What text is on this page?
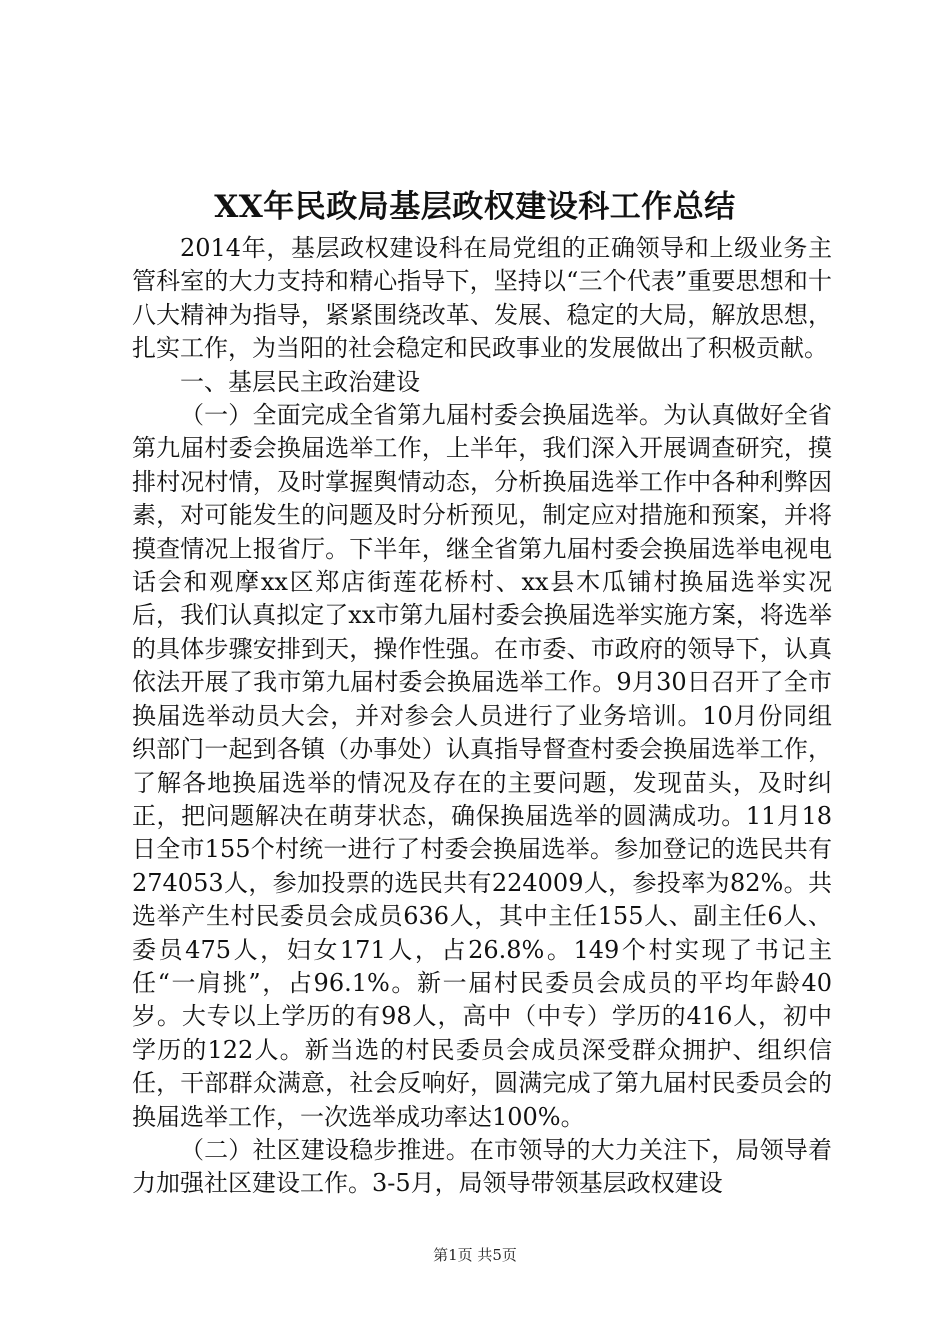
XX年民政局基层政权建设科工作总结

2014年，基层政权建设科在局党组的正确领导和上级业务主管科室的大力支持和精心指导下，坚持以“三个代表”重要思想和十八大精神为指导，紧紧围绕改革、发展、稳定的大局，解放思想，扎实工作，为当阳的社会稳定和民政事业的发展做出了积极贡献。

一、基层民主政治建设

（一）全面完成全省第九届村委会换届选举。为认真做好全省第九届村委会换届选举工作，上半年，我们深入开展调查研究，摸排村况村情，及时掌握舆情动态，分析换届选举工作中各种利弊因素，对可能发生的问题及时分析预见，制定应对措施和预案，并将摸查情况上报省厅。下半年，继全省第九届村委会换届选举电视电话会和观摩xx区郑店街莲花桥村、xx县木瓜铺村换届选举实况后，我们认真拟定了xx市第九届村委会换届选举实施方案，将选举的具体步骤安排到天，操作性强。在市委、市政府的领导下，认真依法开展了我市第九届村委会换届选举工作。9月30日召开了全市换届选举动员大会，并对参会人员进行了业务培训。10月份同组织部门一起到各镇（办事处）认真指导督查村委会换届选举工作，了解各地换届选举的情况及存在的主要问题，发现苗头，及时纠正，把问题解决在萌芽状态，确保换届选举的圆满成功。11月18日全市155个村统一进行了村委会换届选举。参加登记的选民共有274053人，参加投票的选民共有224009人，参投率为82%。共选举产生村民委员会成员636人，其中主任155人、副主任6人、委员475人，妇女171人，占26.8%。149个村实现了书记主任“一肩挑”，占96.1%。新一届村民委员会成员的平均年龄40岁。大专以上学历的有98人，高中（中专）学历的416人，初中学历的122人。新当选的村民委员会成员深受群众拥护、组织信任，干部群众满意，社会反响好，圆满完成了第九届村民委员会的换届选举工作，一次选举成功率达100%。

（二）社区建设稳步推进。在市领导的大力关注下，局领导着力加强社区建设工作。3-5月，局领导带领基层政权建设

第1页 共5页
